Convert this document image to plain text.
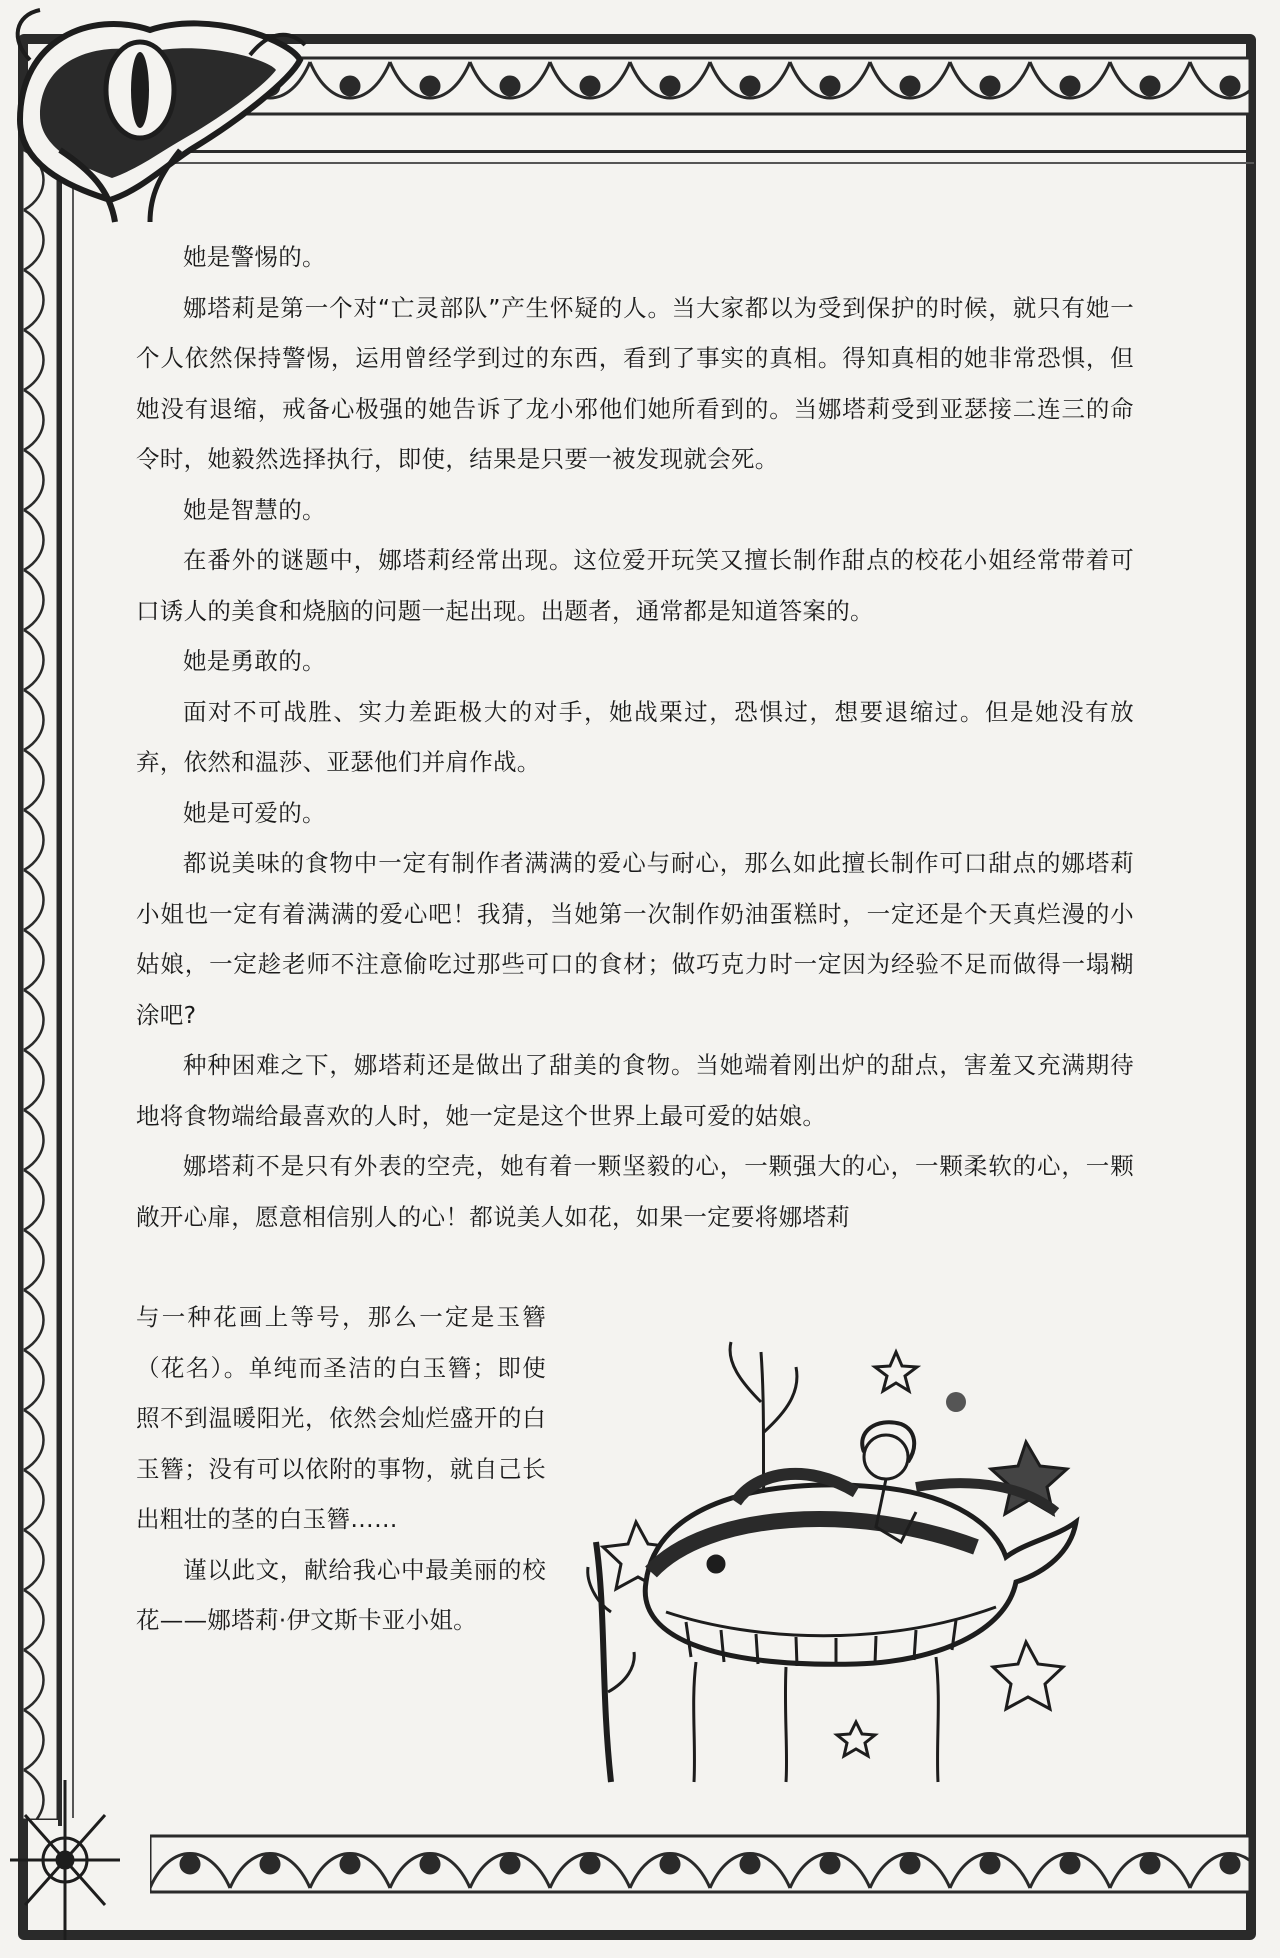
她是警惕的。

娜塔莉是第一个对“亡灵部队”产生怀疑的人。当大家都以为受到保护的时候，就只有她一个人依然保持警惕，运用曾经学到过的东西，看到了事实的真相。得知真相的她非常恐惧，但她没有退缩，戒备心极强的她告诉了龙小邪他们她所看到的。当娜塔莉受到亚瑟接二连三的命令时，她毅然选择执行，即使，结果是只要一被发现就会死。

她是智慧的。

在番外的谜题中，娜塔莉经常出现。这位爱开玩笑又擅长制作甜点的校花小姐经常带着可口诱人的美食和烧脑的问题一起出现。出题者，通常都是知道答案的。

她是勇敢的。

面对不可战胜、实力差距极大的对手，她战栗过，恐惧过，想要退缩过。但是她没有放弃，依然和温莎、亚瑟他们并肩作战。

她是可爱的。

都说美味的食物中一定有制作者满满的爱心与耐心，那么如此擅长制作可口甜点的娜塔莉小姐也一定有着满满的爱心吧！我猜，当她第一次制作奶油蛋糕时，一定还是个天真烂漫的小姑娘，一定趁老师不注意偷吃过那些可口的食材；做巧克力时一定因为经验不足而做得一塌糊涂吧?

种种困难之下，娜塔莉还是做出了甜美的食物。当她端着刚出炉的甜点，害羞又充满期待地将食物端给最喜欢的人时，她一定是这个世界上最可爱的姑娘。

娜塔莉不是只有外表的空壳，她有着一颗坚毅的心，一颗强大的心，一颗柔软的心，一颗敞开心扉，愿意相信别人的心！都说美人如花，如果一定要将娜塔莉

与一种花画上等号，那么一定是玉簪（花名）。单纯而圣洁的白玉簪；即使照不到温暖阳光，依然会灿烂盛开的白玉簪；没有可以依附的事物，就自己长出粗壮的茎的白玉簪……

谨以此文，献给我心中最美丽的校花——娜塔莉·伊文斯卡亚小姐。
